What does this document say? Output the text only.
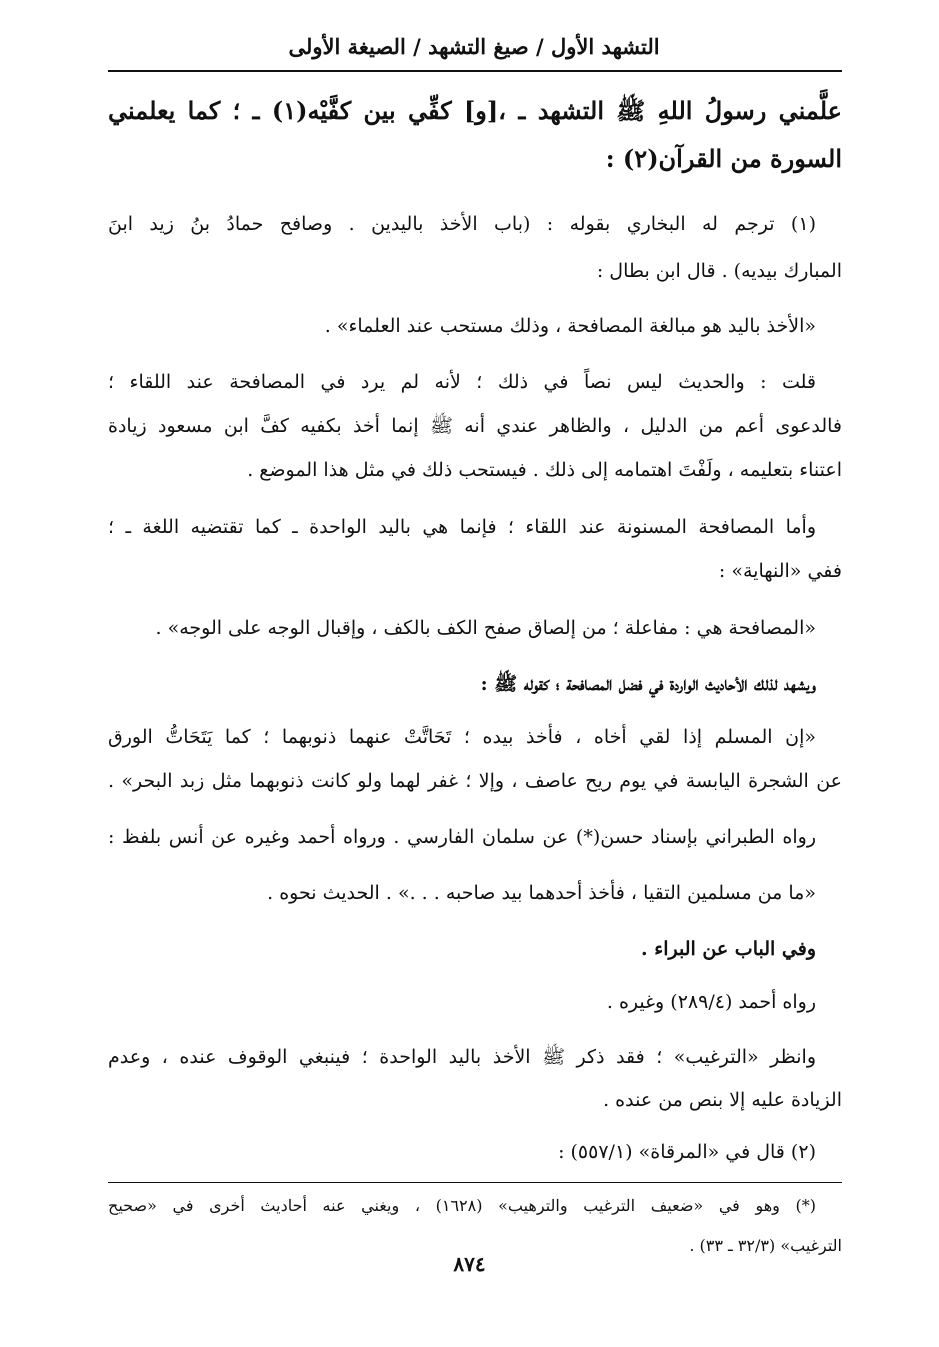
التشهد الأول / صيغ التشهد / الصيغة الأولى
علَّمني رسولُ اللهِ ﷺ التشهد ـ ،[و] كفِّي بين كفَّيْه(١) ـ ؛ كما يعلمني
السورة من القرآن(٢) :
(١) ترجم له البخاري بقوله : (باب الأخذ باليدين . وصافح حمادُ بنُ زيد ابنَ
المبارك بيديه) . قال ابن بطال :
«الأخذ باليد هو مبالغة المصافحة ، وذلك مستحب عند العلماء» .
قلت : والحديث ليس نصاً في ذلك ؛ لأنه لم يرد في المصافحة عند اللقاء ؛
فالدعوى أعم من الدليل ، والظاهر عندي أنه ﷺ إنما أخذ بكفيه كفَّ ابن مسعود زيادة
اعتناء بتعليمه ، ولَفْتَ اهتمامه إلى ذلك . فيستحب ذلك في مثل هذا الموضع .
وأما المصافحة المسنونة عند اللقاء ؛ فإنما هي باليد الواحدة ـ كما تقتضيه اللغة ـ ؛
ففي «النهاية» :
«المصافحة هي : مفاعلة ؛ من إلصاق صفح الكف بالكف ، وإقبال الوجه على الوجه» .
ويشهد لذلك الأحاديث الواردة في فضل المصافحة ؛ كقوله ﷺ :
«إن المسلم إذا لقي أخاه ، فأخذ بيده ؛ تَحَاتَّتْ عنهما ذنوبهما ؛ كما يَتَحَاتُّ الورق
عن الشجرة اليابسة في يوم ريح عاصف ، وإلا ؛ غفر لهما ولو كانت ذنوبهما مثل زبد البحر» .
رواه الطبراني بإسناد حسن(*) عن سلمان الفارسي . ورواه أحمد وغيره عن أنس بلفظ :
«ما من مسلمين التقيا ، فأخذ أحدهما بيد صاحبه . . .» . الحديث نحوه .
وفي الباب عن البراء .
رواه أحمد (٢٨٩/٤) وغيره .
وانظر «الترغيب» ؛ فقد ذكر ﷺ الأخذ باليد الواحدة ؛ فينبغي الوقوف عنده ، وعدم
الزيادة عليه إلا بنص من عنده .
(٢) قال في «المرقاة» (٥٥٧/١) :
(*) وهو في «ضعيف الترغيب والترهيب» (١٦٢٨) ، ويغني عنه أحاديث أخرى في «صحيح
الترغيب» (٣٢/٣ ـ ٣٣) .
٨٧٤
